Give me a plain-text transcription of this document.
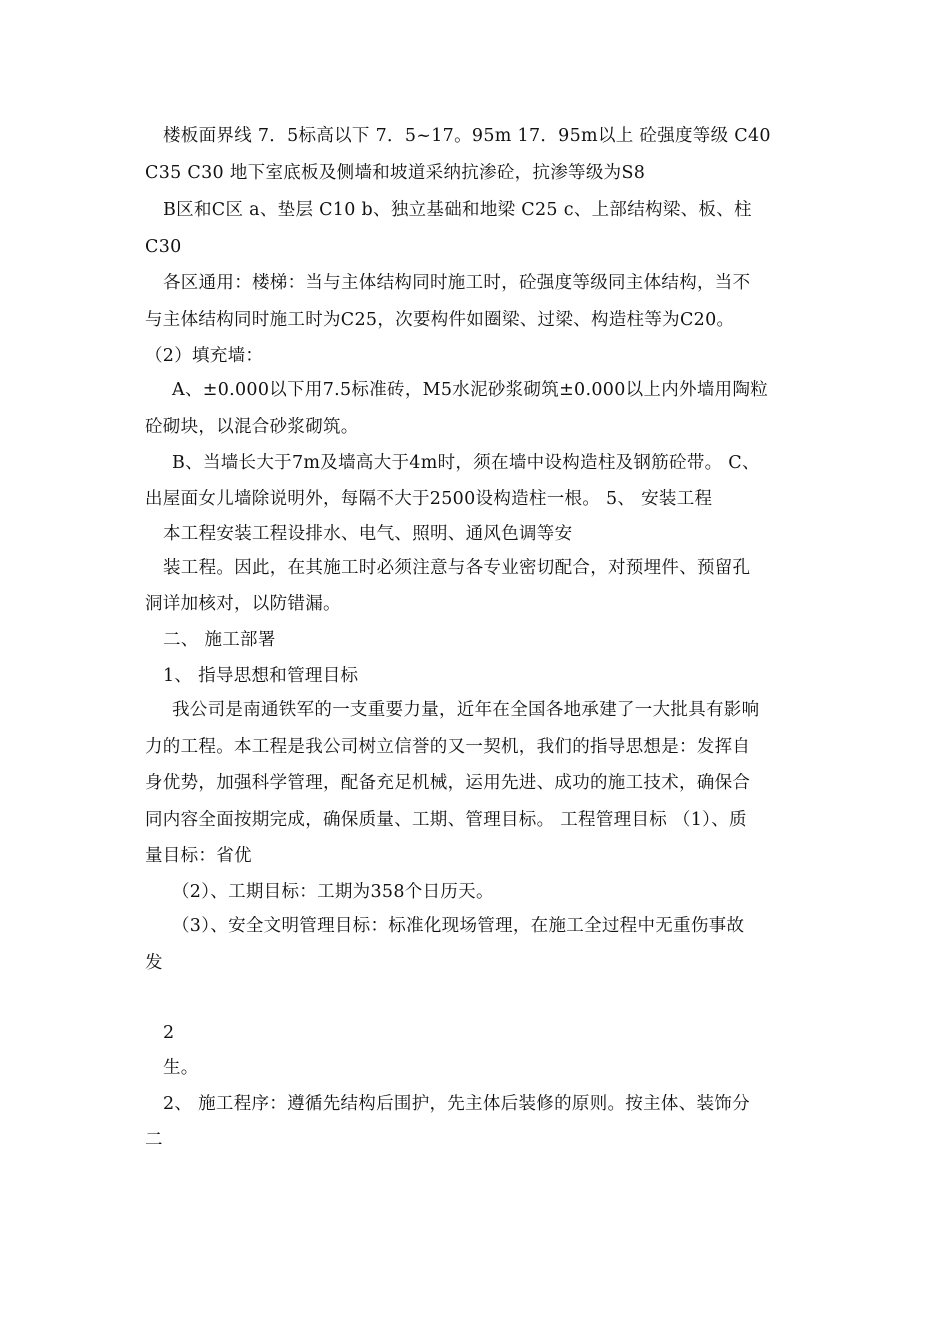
楼板面界线 7．5标高以下 7．5~17。95m 17．95m以上 砼强度等级 C40
C35 C30 地下室底板及侧墙和坡道采纳抗渗砼，抗渗等级为S8
B区和C区 a、垫层 C10 b、独立基础和地梁 C25 c、上部结构梁、板、柱
C30
各区通用：楼梯：当与主体结构同时施工时，砼强度等级同主体结构，当不
与主体结构同时施工时为C25，次要构件如圈梁、过梁、构造柱等为C20。
（2）填充墙：
A、±0.000以下用7.5标准砖，M5水泥砂浆砌筑±0.000以上内外墙用陶粒
砼砌块，以混合砂浆砌筑。
B、当墙长大于7m及墙高大于4m时，须在墙中设构造柱及钢筋砼带。 C、
出屋面女儿墙除说明外，每隔不大于2500设构造柱一根。 5、 安装工程
本工程安装工程设排水、电气、照明、通风色调等安
装工程。因此，在其施工时必须注意与各专业密切配合，对预埋件、预留孔
洞详加核对，以防错漏。
二、 施工部署
1、 指导思想和管理目标
我公司是南通铁军的一支重要力量，近年在全国各地承建了一大批具有影响
力的工程。本工程是我公司树立信誉的又一契机，我们的指导思想是：发挥自
身优势，加强科学管理，配备充足机械，运用先进、成功的施工技术，确保合
同内容全面按期完成，确保质量、工期、管理目标。 工程管理目标 （1）、质
量目标：省优
（2）、工期目标：工期为358个日历天。
（3）、安全文明管理目标：标准化现场管理，在施工全过程中无重伤事故
发
2
生。
2、 施工程序：遵循先结构后围护，先主体后装修的原则。按主体、装饰分
二
